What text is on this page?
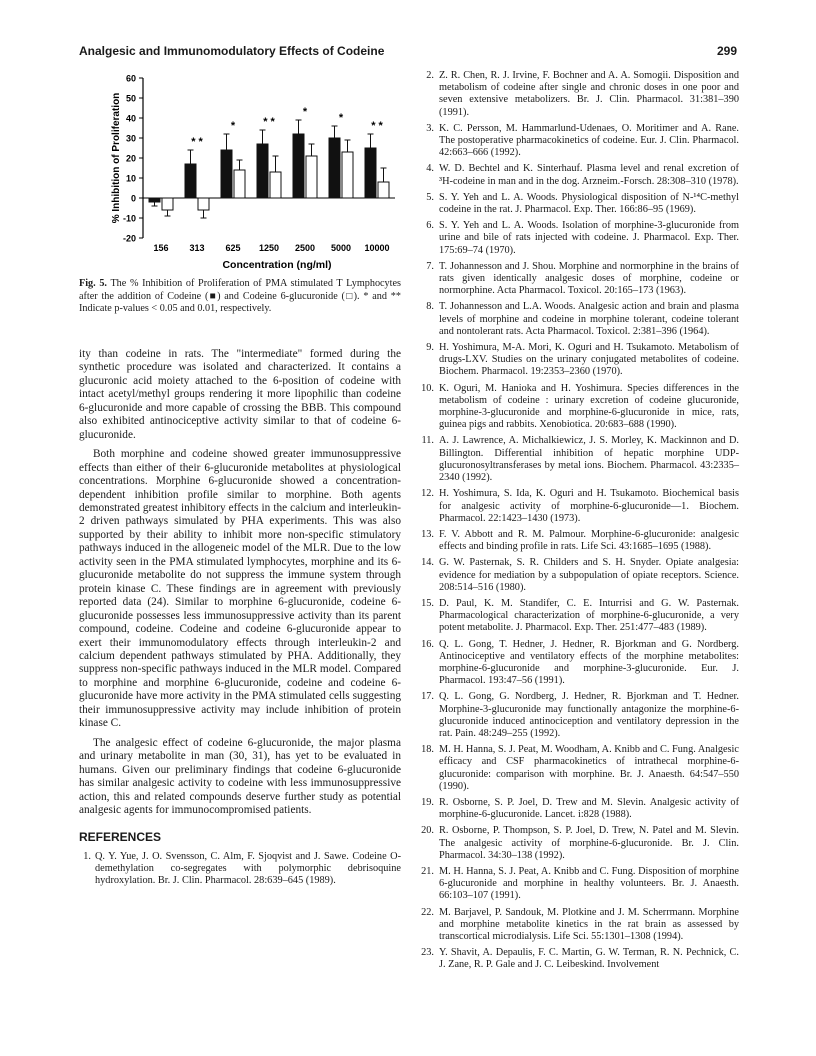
Analgesic and Immunomodulatory Effects of Codeine	299
60
50
40
30
20
10
0
-10
-20
% Inhibition of Proliferation
156
* *
313
*
625
* *
1250
*
2500
*
5000
* *
10000
Concentration (ng/ml)
Fig. 5. The % Inhibition of Proliferation of PMA stimulated T Lymphocytes after the addition of Codeine (■) and Codeine 6-glucuronide (□). * and ** Indicate p-values < 0.05 and 0.01, respectively.

ity than codeine in rats. The "intermediate" formed during the synthetic procedure was isolated and characterized. It contains a glucuronic acid moiety attached to the 6-position of codeine with intact acetyl/methyl groups rendering it more lipophilic than codeine 6-glucuronide and more capable of crossing the BBB. This compound also exhibited antinociceptive activity similar to that of codeine 6-glucuronide.

Both morphine and codeine showed greater immunosuppressive effects than either of their 6-glucuronide metabolites at physiological concentrations. Morphine 6-glucuronide showed a concentration-dependent inhibition profile similar to morphine. Both agents demonstrated greatest inhibitory effects in the calcium and interleukin-2 driven pathways simulated by PHA experiments. This was also supported by their ability to inhibit more non-specific stimulatory pathways induced in the allogeneic model of the MLR. Due to the low activity seen in the PMA stimulated lymphocytes, morphine and its 6-glucuronide metabolite do not suppress the immune system through protein kinase C. These findings are in agreement with previously reported data (24). Similar to morphine 6-glucuronide, codeine 6-glucuronide possesses less immunosuppressive activity than its parent compound, codeine. Codeine and codeine 6-glucuronide appear to exert their immunomodulatory effects through interleukin-2 and calcium dependent pathways stimulated by PHA. Additionally, they suppress non-specific pathways induced in the MLR model. Compared to morphine and morphine 6-glucuronide, codeine and codeine 6-glucuronide have more activity in the PMA stimulated cells suggesting their immunosuppressive activity may include inhibition of protein kinase C.

The analgesic effect of codeine 6-glucuronide, the major plasma and urinary metabolite in man (30, 31), has yet to be evaluated in humans. Given our preliminary findings that codeine 6-glucuronide has similar analgesic activity to codeine with less immunosuppressive action, this and related compounds deserve further study as potential analgesic agents for immunocompromised patients.

REFERENCES
1. Q. Y. Yue, J. O. Svensson, C. Alm, F. Sjoqvist and J. Sawe. Codeine O-demethylation co-segregates with polymorphic debrisoquine hydroxylation. Br. J. Clin. Pharmacol. 28:639–645 (1989).
2. Z. R. Chen, R. J. Irvine, F. Bochner and A. A. Somogii. Disposition and metabolism of codeine after single and chronic doses in one poor and seven extensive metabolizers. Br. J. Clin. Pharmacol. 31:381–390 (1991).
3. K. C. Persson, M. Hammarlund-Udenaes, O. Moritimer and A. Rane. The postoperative pharmacokinetics of codeine. Eur. J. Clin. Pharmacol. 42:663–666 (1992).
4. W. D. Bechtel and K. Sinterhauf. Plasma level and renal excretion of ³H-codeine in man and in the dog. Arzneim.-Forsch. 28:308–310 (1978).
5. S. Y. Yeh and L. A. Woods. Physiological disposition of N-¹⁴C-methyl codeine in the rat. J. Pharmacol. Exp. Ther. 166:86–95 (1969).
6. S. Y. Yeh and L. A. Woods. Isolation of morphine-3-glucuronide from urine and bile of rats injected with codeine. J. Pharmacol. Exp. Ther. 175:69–74 (1970).
7. T. Johannesson and J. Shou. Morphine and normorphine in the brains of rats given identically analgesic doses of morphine, codeine or normorphine. Acta Pharmacol. Toxicol. 20:165–173 (1963).
8. T. Johannesson and L.A. Woods. Analgesic action and brain and plasma levels of morphine and codeine in morphine tolerant, codeine tolerant and nontolerant rats. Acta Pharmacol. Toxicol. 2:381–396 (1964).
9. H. Yoshimura, M-A. Mori, K. Oguri and H. Tsukamoto. Metabolism of drugs-LXV. Studies on the urinary conjugated metabolites of codeine. Biochem. Pharmacol. 19:2353–2360 (1970).
10. K. Oguri, M. Hanioka and H. Yoshimura. Species differences in the metabolism of codeine : urinary excretion of codeine glucuronide, morphine-3-glucuronide and morphine-6-glucuronide in mice, rats, guinea pigs and rabbits. Xenobiotica. 20:683–688 (1990).
11. A. J. Lawrence, A. Michalkiewicz, J. S. Morley, K. Mackinnon and D. Billington. Differential inhibition of hepatic morphine UDP-glucuronosyltransferases by metal ions. Biochem. Pharmacol. 43:2335–2340 (1992).
12. H. Yoshimura, S. Ida, K. Oguri and H. Tsukamoto. Biochemical basis for analgesic activity of morphine-6-glucuronide—1. Biochem. Pharmacol. 22:1423–1430 (1973).
13. F. V. Abbott and R. M. Palmour. Morphine-6-glucuronide: analgesic effects and binding profile in rats. Life Sci. 43:1685–1695 (1988).
14. G. W. Pasternak, S. R. Childers and S. H. Snyder. Opiate analgesia: evidence for mediation by a subpopulation of opiate receptors. Science. 208:514–516 (1980).
15. D. Paul, K. M. Standifer, C. E. Inturrisi and G. W. Pasternak. Pharmacological characterization of morphine-6-glucuronide, a very potent metabolite. J. Pharmacol. Exp. Ther. 251:477–483 (1989).
16. Q. L. Gong, T. Hedner, J. Hedner, R. Bjorkman and G. Nordberg. Antinociceptive and ventilatory effects of the morphine metabolites: morphine-6-glucuronide and morphine-3-glucuronide. Eur. J. Pharmacol. 193:47–56 (1991).
17. Q. L. Gong, G. Nordberg, J. Hedner, R. Bjorkman and T. Hedner. Morphine-3-glucuronide may functionally antagonize the morphine-6-glucuronide induced antinociception and ventilatory depression in the rat. Pain. 48:249–255 (1992).
18. M. H. Hanna, S. J. Peat, M. Woodham, A. Knibb and C. Fung. Analgesic efficacy and CSF pharmacokinetics of intrathecal morphine-6-glucuronide: comparison with morphine. Br. J. Anaesth. 64:547–550 (1990).
19. R. Osborne, S. P. Joel, D. Trew and M. Slevin. Analgesic activity of morphine-6-glucuronide. Lancet. i:828 (1988).
20. R. Osborne, P. Thompson, S. P. Joel, D. Trew, N. Patel and M. Slevin. The analgesic activity of morphine-6-glucuronide. Br. J. Clin. Pharmacol. 34:30–138 (1992).
21. M. H. Hanna, S. J. Peat, A. Knibb and C. Fung. Disposition of morphine 6-glucuronide and morphine in healthy volunteers. Br. J. Anaesth. 66:103–107 (1991).
22. M. Barjavel, P. Sandouk, M. Plotkine and J. M. Scherrmann. Morphine and morphine metabolite kinetics in the rat brain as assessed by transcortical microdialysis. Life Sci. 55:1301–1308 (1994).
23. Y. Shavit, A. Depaulis, F. C. Martin, G. W. Terman, R. N. Pechnick, C. J. Zane, R. P. Gale and J. C. Leibeskind. Involvement
